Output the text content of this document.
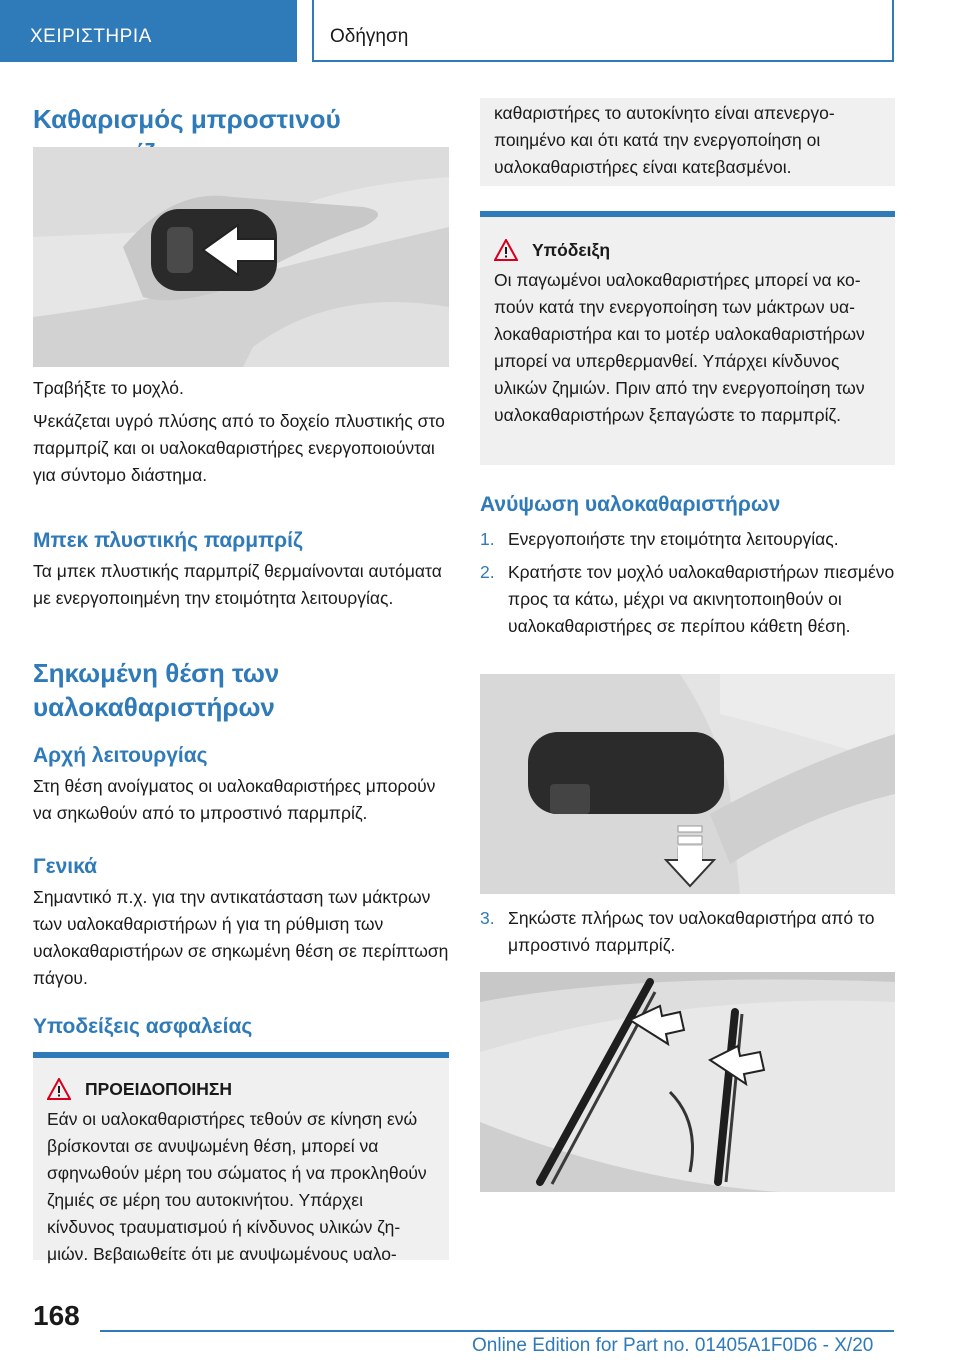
ΧΕΙΡΙΣΤΗΡΙΑ	Οδήγηση
Καθαρισμός μπροστινού

Τραβήξτε το μοχλό.

Ψεκάζεται υγρό πλύσης από το δοχείο πλυστικής στο παρμπρίζ και οι υαλοκαθαριστήρες ενεργοποιούνται για σύντομο διάστημα.

Μπεκ πλυστικής παρμπρίζ

Τα μπεκ πλυστικής παρμπρίζ θερμαίνονται αυτόματα με ενεργοποιημένη την ετοιμότητα λειτουργίας.

Σηκωμένη θέση των υαλοκαθαριστήρων
Αρχή λειτουργίας

Στη θέση ανοίγματος οι υαλοκαθαριστήρες μπορούν να σηκωθούν από το μπροστινό παρμπρίζ.

Γενικά

Σημαντικό π.χ. για την αντικατάσταση των μάκτρων των υαλοκαθαριστήρων ή για τη ρύθμιση των υαλοκαθαριστήρων σε σηκωμένη θέση σε περίπτωση πάγου.

Υποδείξεις ασφαλείας
ΠΡΟΕΙΔΟΠΟΙΗΣΗ

Εάν οι υαλοκαθαριστήρες τεθούν σε κίνηση ενώ βρίσκονται σε ανυψωμένη θέση, μπορεί να σφηνωθούν μέρη του σώματος ή να προκληθούν ζημιές σε μέρη του αυτοκινήτου. Υπάρχει κίνδυνος τραυματισμού ή κίνδυνος υλικών ζημιών. Βεβαιωθείτε ότι με ανυψωμένους υαλο-

καθαριστήρες το αυτοκίνητο είναι απενεργοποιημένο και ότι κατά την ενεργοποίηση οι υαλοκαθαριστήρες είναι κατεβασμένοι.

Υπόδειξη

Οι παγωμένοι υαλοκαθαριστήρες μπορεί να κοπούν κατά την ενεργοποίηση των μάκτρων υαλοκαθαριστήρα και το μοτέρ υαλοκαθαριστήρων μπορεί να υπερθερμανθεί. Υπάρχει κίνδυνος υλικών ζημιών. Πριν από την ενεργοποίηση των υαλοκαθαριστήρων ξεπαγώστε το παρμπρίζ.

Ανύψωση υαλοκαθαριστήρων
1. Ενεργοποιήστε την ετοιμότητα λειτουργίας.
2. Κρατήστε τον μοχλό υαλοκαθαριστήρων πιεσμένο προς τα κάτω, μέχρι να ακινητοποιηθούν οι υαλοκαθαριστήρες σε περίπου κάθετη θέση.
3. Σηκώστε πλήρως τον υαλοκαθαριστήρα από το μπροστινό παρμπρίζ.
168
Online Edition for Part no. 01405A1F0D6 - X/20
